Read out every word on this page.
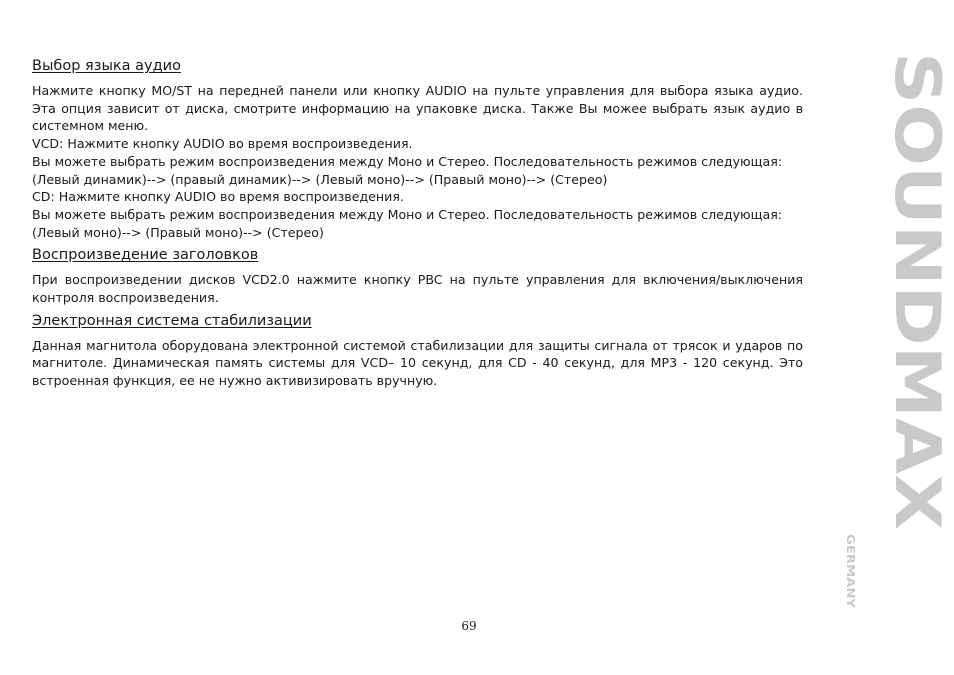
Выбор языка аудио

Нажмите кнопку MO/ST на передней панели или кнопку AUDIO на пульте управления для выбора языка аудио. Эта опция зависит от диска, смотрите информацию на упаковке диска. Также Вы можее выбрать язык аудио в системном меню.

VCD: Нажмите кнопку AUDIO во время воспроизведения.

Вы можете выбрать режим воспроизведения между Моно и Стерео. Последовательность режимов следующая:

(Левый динамик)--> (правый динамик)--> (Левый моно)--> (Правый моно)--> (Стерео)

CD: Нажмите кнопку AUDIO во время воспроизведения.

Вы можете выбрать режим воспроизведения между Моно и Стерео. Последовательность режимов следующая:

(Левый моно)--> (Правый моно)--> (Стерео)

Воспроизведение заголовков

При воспроизведении дисков VCD2.0 нажмите кнопку PBC на пульте управления для включения/выключения контроля воспроизведения.

Электронная система стабилизации

Данная магнитола оборудована электронной системой стабилизации для защиты сигнала от трясок и ударов по магнитоле. Динамическая память системы для VCD– 10 секунд, для CD - 40 секунд, для MP3 - 120 секунд. Это встроенная функция, ее не нужно активизировать вручную.	SOUNDMAX
GERMANY
69
